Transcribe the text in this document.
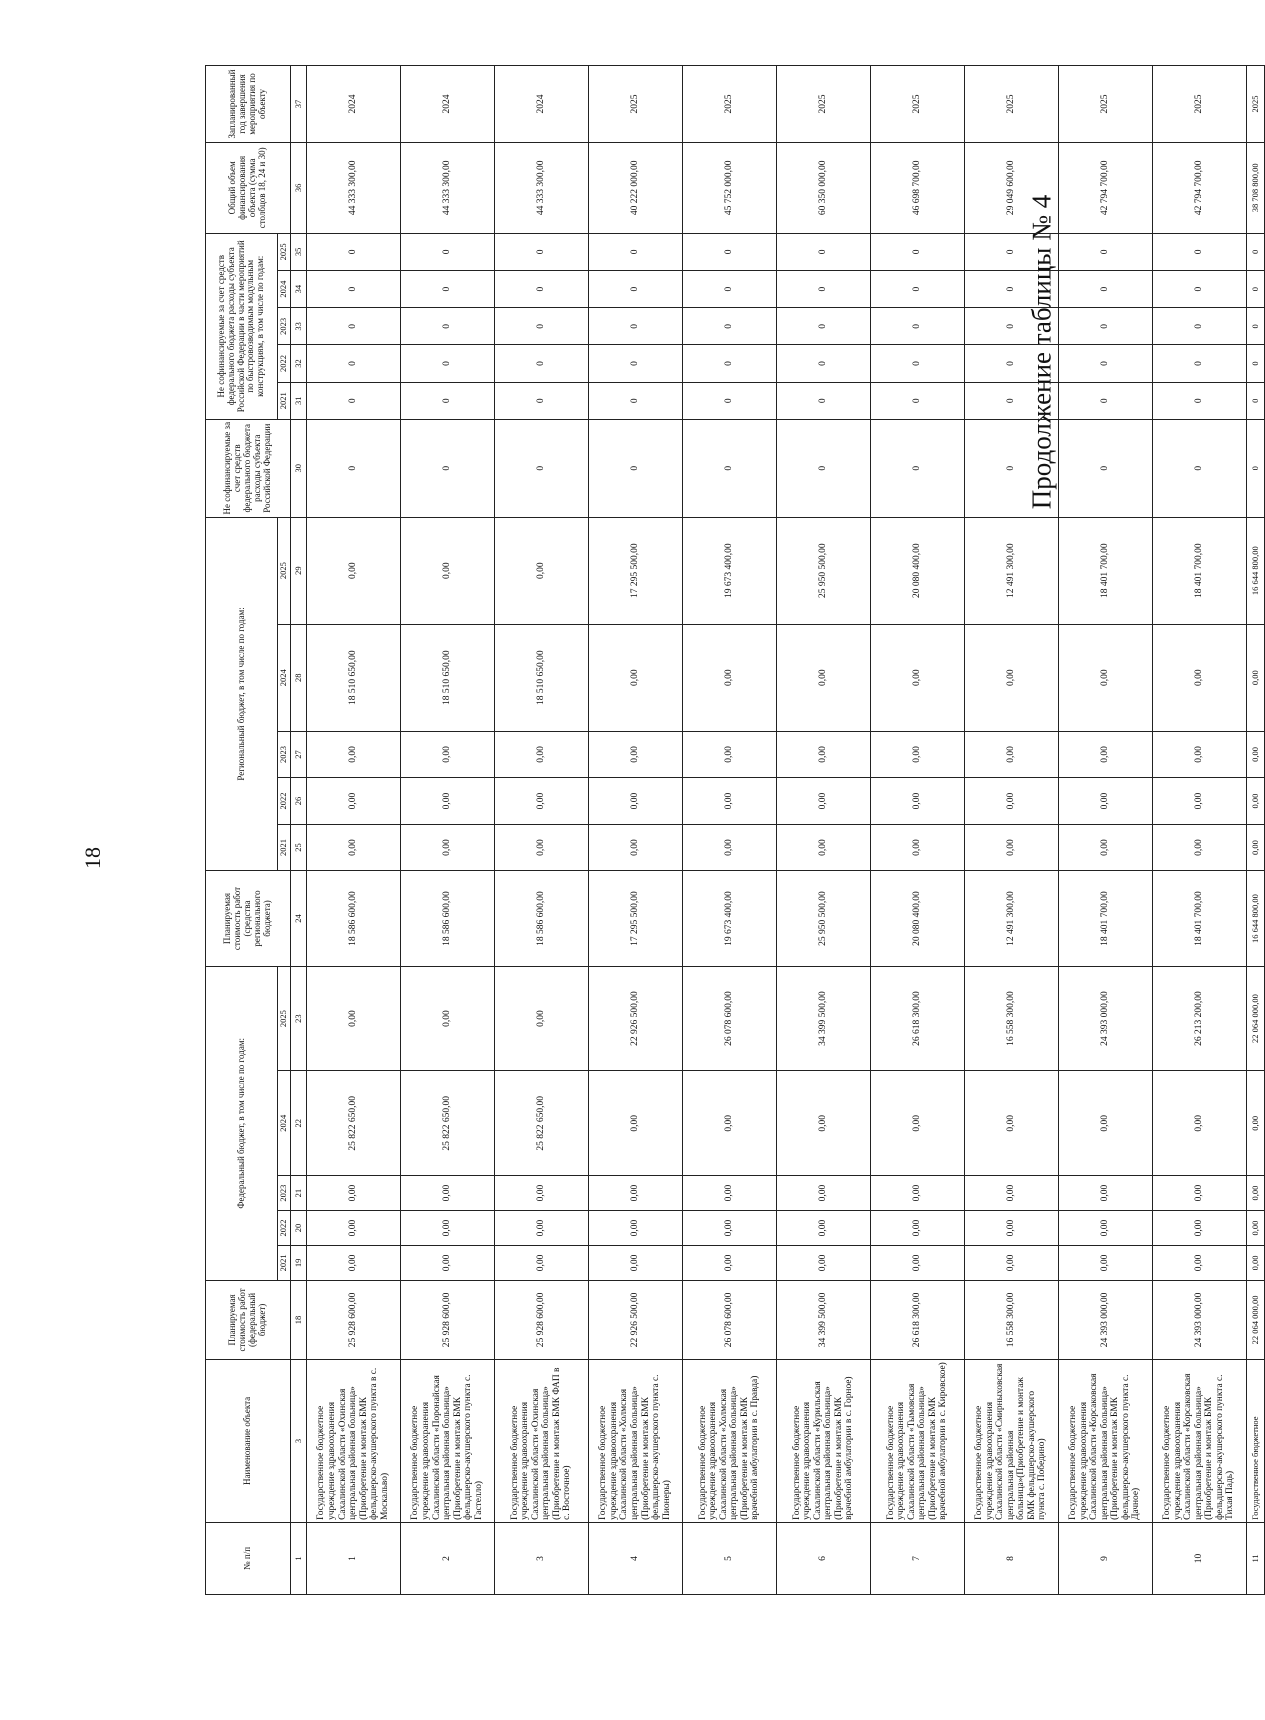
18
Продолжение таблицы № 4
№ п/п	Наименование объекта	Планируемая стоимость работ (федеральный бюджет)	Федеральный бюджет, в том числе по годам:					Планируемая стоимость работ (средства регионального бюджета)	Региональный бюджет, в том числе по годам:					Не софинансируемые за счет средств федерального бюджета расходы субъекта Российской Федерации	Не софинансируемые за счет средств федерального бюджета расходы субъекта Российской Федерации в части мероприятий по быстровозводимым модульным конструкциям, в том числе по годам:					Общий объем финансирования объекта (сумма столбцов 18, 24 и 30)	Запланированный год завершения мероприятия по объекту
			2021	2022	2023	2024	2025		2021	2022	2023	2024	2025		2021	2022	2023	2024	2025		
1	3	18	19	20	21	22	23	24	25	26	27	28	29	30	31	32	33	34	35	36	37
1	Государственное бюджетное учреждение здравоохранения Сахалинской области «Охинская центральная районная больница» (Приобретение и монтаж БМК фельдшерско-акушерского пункта в с. Москальво)	25 928 600,00	0,00	0,00	0,00	25 822 650,00	0,00	18 586 600,00	0,00	0,00	0,00	18 510 650,00	0,00	0	0	0	0	0	0	44 333 300,00	2024
2	Государственное бюджетное учреждение здравоохранения Сахалинской области «Поронайская центральная районная больница» (Приобретение и монтаж БМК фельдшерско-акушерского пункта с. Гастелло)	25 928 600,00	0,00	0,00	0,00	25 822 650,00	0,00	18 586 600,00	0,00	0,00	0,00	18 510 650,00	0,00	0	0	0	0	0	0	44 333 300,00	2024
3	Государственное бюджетное учреждение здравоохранения Сахалинской области «Охинская центральная районная больница» (Приобретение и монтаж БМК ФАП в с. Восточное)	25 928 600,00	0,00	0,00	0,00	25 822 650,00	0,00	18 586 600,00	0,00	0,00	0,00	18 510 650,00	0,00	0	0	0	0	0	0	44 333 300,00	2024
4	Государственное бюджетное учреждение здравоохранения Сахалинской области «Холмская центральная районная больница» (Приобретение и монтаж БМК фельдшерско-акушерского пункта с. Пионеры)	22 926 500,00	0,00	0,00	0,00	0,00	22 926 500,00	17 295 500,00	0,00	0,00	0,00	0,00	17 295 500,00	0	0	0	0	0	0	40 222 000,00	2025
5	Государственное бюджетное учреждение здравоохранения Сахалинской области «Холмская центральная районная больница» (Приобретение и монтаж БМК врачебной амбулатории в с. Правда)	26 078 600,00	0,00	0,00	0,00	0,00	26 078 600,00	19 673 400,00	0,00	0,00	0,00	0,00	19 673 400,00	0	0	0	0	0	0	45 752 000,00	2025
6	Государственное бюджетное учреждение здравоохранения Сахалинской области «Курильская центральная районная больница» (Приобретение и монтаж БМК врачебной амбулатории в с. Горное)	34 399 500,00	0,00	0,00	0,00	0,00	34 399 500,00	25 950 500,00	0,00	0,00	0,00	0,00	25 950 500,00	0	0	0	0	0	0	60 350 000,00	2025
7	Государственное бюджетное учреждение здравоохранения Сахалинской области «Тымовская центральная районная больница» (Приобретение и монтаж БМК врачебной амбулатории в с. Кировское)	26 618 300,00	0,00	0,00	0,00	0,00	26 618 300,00	20 080 400,00	0,00	0,00	0,00	0,00	20 080 400,00	0	0	0	0	0	0	46 698 700,00	2025
8	Государственное бюджетное учреждение здравоохранения Сахалинской области «Смирныховская центральная районная больница»(Приобретение и монтаж БМК фельдшерско-акушерского пункта с. Победино)	16 558 300,00	0,00	0,00	0,00	0,00	16 558 300,00	12 491 300,00	0,00	0,00	0,00	0,00	12 491 300,00	0	0	0	0	0	0	29 049 600,00	2025
9	Государственное бюджетное учреждение здравоохранения Сахалинской области «Корсаковская центральная районная больница» (Приобретение и монтаж БМК фельдшерско-акушерского пункта с. Дачное)	24 393 000,00	0,00	0,00	0,00	0,00	24 393 000,00	18 401 700,00	0,00	0,00	0,00	0,00	18 401 700,00	0	0	0	0	0	0	42 794 700,00	2025
10	Государственное бюджетное учреждение здравоохранения Сахалинской области «Корсаковская центральная районная больница» (Приобретение и монтаж БМК фельдшерско-акушерского пункта с. Тихая Падь)	24 393 000,00	0,00	0,00	0,00	0,00	26 213 200,00	18 401 700,00	0,00	0,00	0,00	0,00	18 401 700,00	0	0	0	0	0	0	42 794 700,00	2025
11	Государственное бюджетное	22 064 000,00	0,00	0,00	0,00	0,00	22 064 000,00	16 644 800,00	0,00	0,00	0,00	0,00	16 644 800,00	0	0	0	0	0	0	38 708 800,00	2025
